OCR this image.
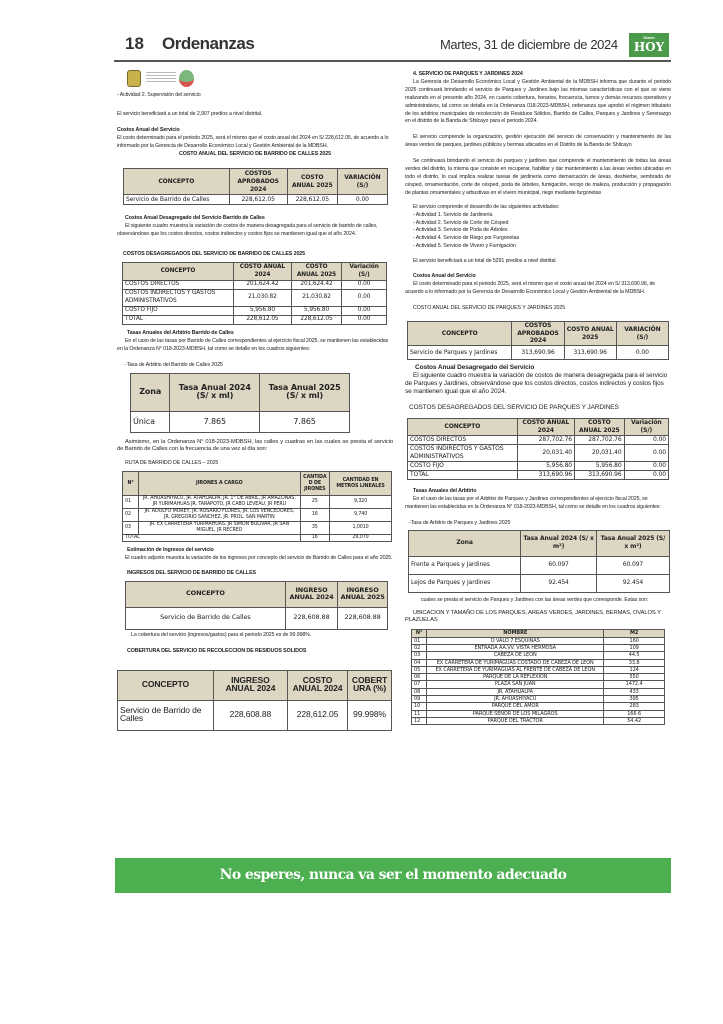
18 Ordenanzas	Martes, 31 de diciembre de 2024	Diario
HOY

- Actividad 2. Supervisión del servicio

El servicio beneficiará a un total de 2,907 predios a nivel distrital.

Costos Anual del Servicio

El costo determinado para el periodo 2025, será el mismo que el costo anual del 2024 en S/ 228,612.05, de acuerdo a lo informado por la Gerencia de Desarrollo Económico Local y Gestión Ambiental de la MDBSH.

COSTO ANUAL DEL SERVICIO DE BARRIDO DE CALLES 2025

CONCEPTO	COSTOS APROBADOS 2024	COSTO ANUAL 2025	VARIACIÓN (S/)
Servicio de Barrido de Calles	228,612.05	228,612.05	0.00

Costos Anual Desagregado del Servicio Barrido de Calles

El siguiente cuadro muestra la variación de costos de manera desagregada para el servicio de barrido de calles, observándose que los costos directos, costos indirectos y costos fijos se mantienen igual que el año 2024.

COSTOS DESAGREGADOS DEL SERVICIO DE BARRIDO DE CALLES 2025

CONCEPTO	COSTO ANUAL 2024	COSTO ANUAL 2025	Variación (S/)
COSTOS DIRECTOS	201,624.42	201,624.42	0.00
COSTOS INDIRECTOS Y GASTOS ADMINISTRATIVOS	21,030.82	21,030.82	0.00
COSTO FIJO	5,956.80	5,956.80	0.00
TOTAL	228,612.05	228,612.05	0.00

Tasas Anuales del Arbitrio Barrido de Calles

En el caso de las tasas por Barrido de Calles correspondientes al ejercicio fiscal 2025, se mantienen las establecidas en la Ordenanza N° 018-2023-MDBSH, tal como se detalle en los cuadros siguientes:

-Tasa de Arbitrio del Barrido de Calles 2025

Zona	Tasa Anual 2024 (S/ x ml)	Tasa Anual 2025 (S/ x ml)
Única	7.865	7.865

Asimismo, en la Ordenanza N° 018-2023-MDBSH, las calles y cuadras en las cuales se presta el servicio de Barrido de Calles con la frecuencia de una vez al día son:

RUTA DE BARRIDO DE CALLES – 2025

N°	JIRONES A CARGO	CANTIDAD DE JIRONES	CANTIDAD EN METROS LINEALES
01	JR. AHUASHIYACU, JR. ATAHUALPA, JR. 1° DE ABRIL, JR AMAZONAS, JR YURIMAHUAS JR. TARAPOTO, JR CABO LEVEAU, JR PERU	25	9,320
02	JR. ADOLFO MOREY, JR. ROSARIO FLORES, JR. LOS VENCEDORES, JR. GREGORIO SANCHEZ, JR. PROL. SAN MARTIN	16	9,740
03	JR. EX CARRETERA YURIMAHUAS, JR SIMON BOLIVAR, JR SAN MIGUEL, JR RECREO	35	1,0010
TOTAL		16	29,070

Estimación de Ingresos del servicio

El cuadro adjunto muestra la variación de los ingresos por concepto del servicio de Barrido de Calles para el año 2025.

INGRESOS DEL SERVICIO DE BARRIDO DE CALLES

CONCEPTO	INGRESO ANUAL 2024	INGRESO ANUAL 2025
Servicio de Barrido de Calles	228,608.88	228,608.88

La cobertura del servicio (ingresos/gastos) para el periodo 2025 es de 99.998%.

COBERTURA DEL SERVICIO DE RECOLECCION DE RESIDUOS SOLIDOS

CONCEPTO	INGRESO ANUAL 2024	COSTO ANUAL 2024	COBERTURA (%)
Servicio de Barrido de Calles	228,608.88	228,612.05	99.998%

4. SERVICIO DE PARQUES Y JARDINES 2024

La Gerencia de Desarrollo Económico Local y Gestión Ambiental de la MDBSH informa que durante el periodo 2025 continuará brindando el servicio de Parques y Jardines bajo las mismas características con el que se viene realizando en el presente año 2024, en cuanto cobertura, horarios, frecuencia, turnos y demás recursos operativos y administrativos, tal como se detalla en la Ordenanza 018-2023-MDBSH, ordenanza que aprobó el régimen tributario de los arbitrios municipales de recolección de Residuos Sólidos, Barrido de Calles, Parques y Jardines y Serenazgo en el distrito de la Banda de Shilcayo para el periodo 2024.

El servicio comprende la organización, gestión ejecución del servicio de conservación y mantenimiento de las áreas verdes de parques, jardines públicos y bermas ubicados en el Distrito de la Banda de Shilcayo

Se continuará brindando el servicio de parques y jardines que comprende el mantenimiento de todas las áreas verdes del distrito, la misma que consiste en recuperar, habilitar y dar mantenimiento a las áreas verdes ubicadas en todo el distrito, lo cual implica realizar tareas de jardinería como demarcación de áreas, deshierbe, sembrado de césped, ornamentación, corte de césped, poda de árboles, fumigación, recojo de maleza, producción y propagación de plantas ornamentales y arbustivas en el vivero municipal, riego mediante furgonetas

El servicio comprende el desarrollo de las siguientes actividades:

- Actividad 1. Servicio de Jardinería

- Actividad 2. Servicio de Corte de Césped

- Actividad 3. Servicio de Poda de Árboles

- Actividad 4. Servicio de Riego por Furgonetas

- Actividad 5. Servicio de Vivero y Fumigación

El servicio beneficiará a un total de 5291 predios a nivel distrital.

Costos Anual del Servicio

El costo determinado para el periodo 2025, será el mismo que el costo anual del 2024 en S/ 313,690.96, de acuerdo a lo informado por la Gerencia de Desarrollo Económico Local y Gestión Ambiental de la MDBSH.

COSTO ANUAL DEL SERVICIO DE PARQUES Y JARDINES 2025

CONCEPTO	COSTOS APROBADOS 2024	COSTO ANUAL 2025	VARIACIÓN (S/)
Servicio de Parques y Jardines	313,690.96	313,690.96	0.00

Costos Anual Desagregado del Servicio

El siguiente cuadro muestra la variación de costos de manera desagregada para el servicio de Parques y Jardines, observándose que los costos directos, costos indirectos y costos fijos se mantienen igual que el año 2024.

COSTOS DESAGREGADOS DEL SERVICIO DE PARQUES Y JARDINES

CONCEPTO	COSTO ANUAL 2024	COSTO ANUAL 2025	Variación (S/)
COSTOS DIRECTOS	287,702.76	287,702.76	0.00
COSTOS INDIRECTOS Y GASTOS ADMINISTRATIVOS	20,031.40	20,031.40	0.00
COSTO FIJO	5,956.80	5,956.80	0.00
TOTAL	313,690.96	313,690.96	0.00

Tasas Anuales del Arbitrio

En el caso de las tasas por el Arbitrio de Parques y Jardines correspondientes al ejercicio fiscal 2025, se mantienen las establecidas en la Ordenanza N° 018-2023-MDBSH, tal como se detalle en los cuadros siguientes:

-Tasa de Arbitrio de Parques y Jardines 2025

Zona	Tasa Anual 2024 (S/ x m²)	Tasa Anual 2025 (S/ x m²)
Frente a Parques y Jardines	60.097	60.097
Lejos de Parques y Jardines	92.454	92.454

cuales se presta el servicio de Parques y Jardines con las áreas verdes que corresponde. Estas son:

UBICACION Y TAMAÑO DE LOS PARQUES, AREAS VERDES, JARDINES, BERMAS, OVALOS Y PLAZUELAS

N°	NOMBRE	M2
01	O VALO 7 ESQUINAS	160
02	ENTRADA AA.VV. VISTA HERMOSA	109
03	CABEZA DE LEON	44.5
04	EX CARRETERA DE YURIMAGUAS COSTADO DE CABEZA DE LEON	33.8
05	EX CARRETERA DE YURIMAGUAS AL FRENTE DE CABEZA DE LEON	124
06	PARQUE DE LA REFLEXION	550
07	PLAZA SAN JUAN	1472.4
08	JR. ATAHUALPA	433
09	JR. AHUASHIYACU	395
10	PARQUE DEL AMOR	283
11	PARQUE SEÑOR DE LOS MILAGROS	166.6
12	PARQUE DEL TRACTOR	54.42
No esperes, nunca va ser el momento adecuado
